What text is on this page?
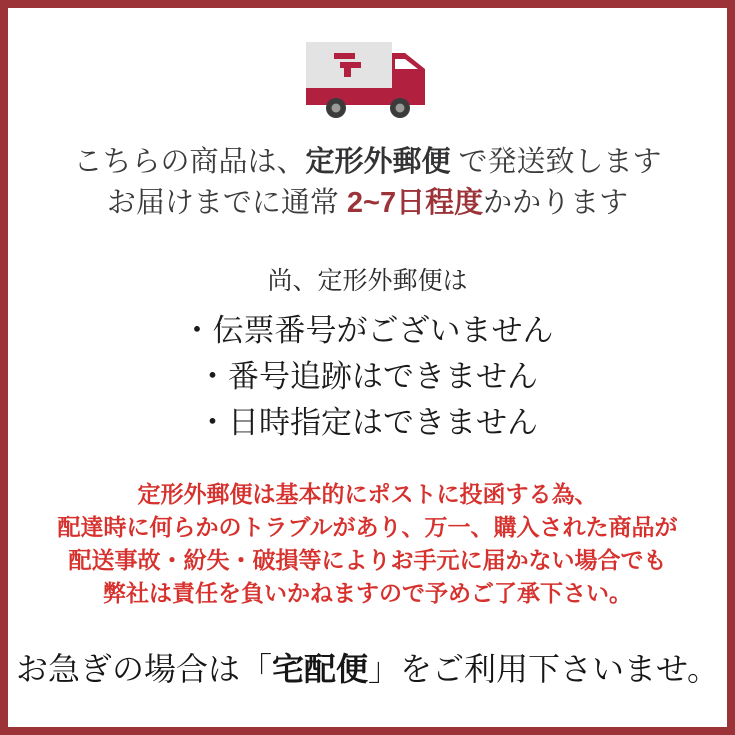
こちらの商品は、定形外郵便 で発送致します
お届けまでに通常 2~7日程度かかります

尚、定形外郵便は

・伝票番号がございません
・番号追跡はできません
・日時指定はできません
定形外郵便は基本的にポストに投函する為、
配達時に何らかのトラブルがあり、万一、購入された商品が
配送事故・紛失・破損等によりお手元に届かない場合でも
弊社は責任を負いかねますので予めご了承下さい。

お急ぎの場合は「宅配便」をご利用下さいませ。
